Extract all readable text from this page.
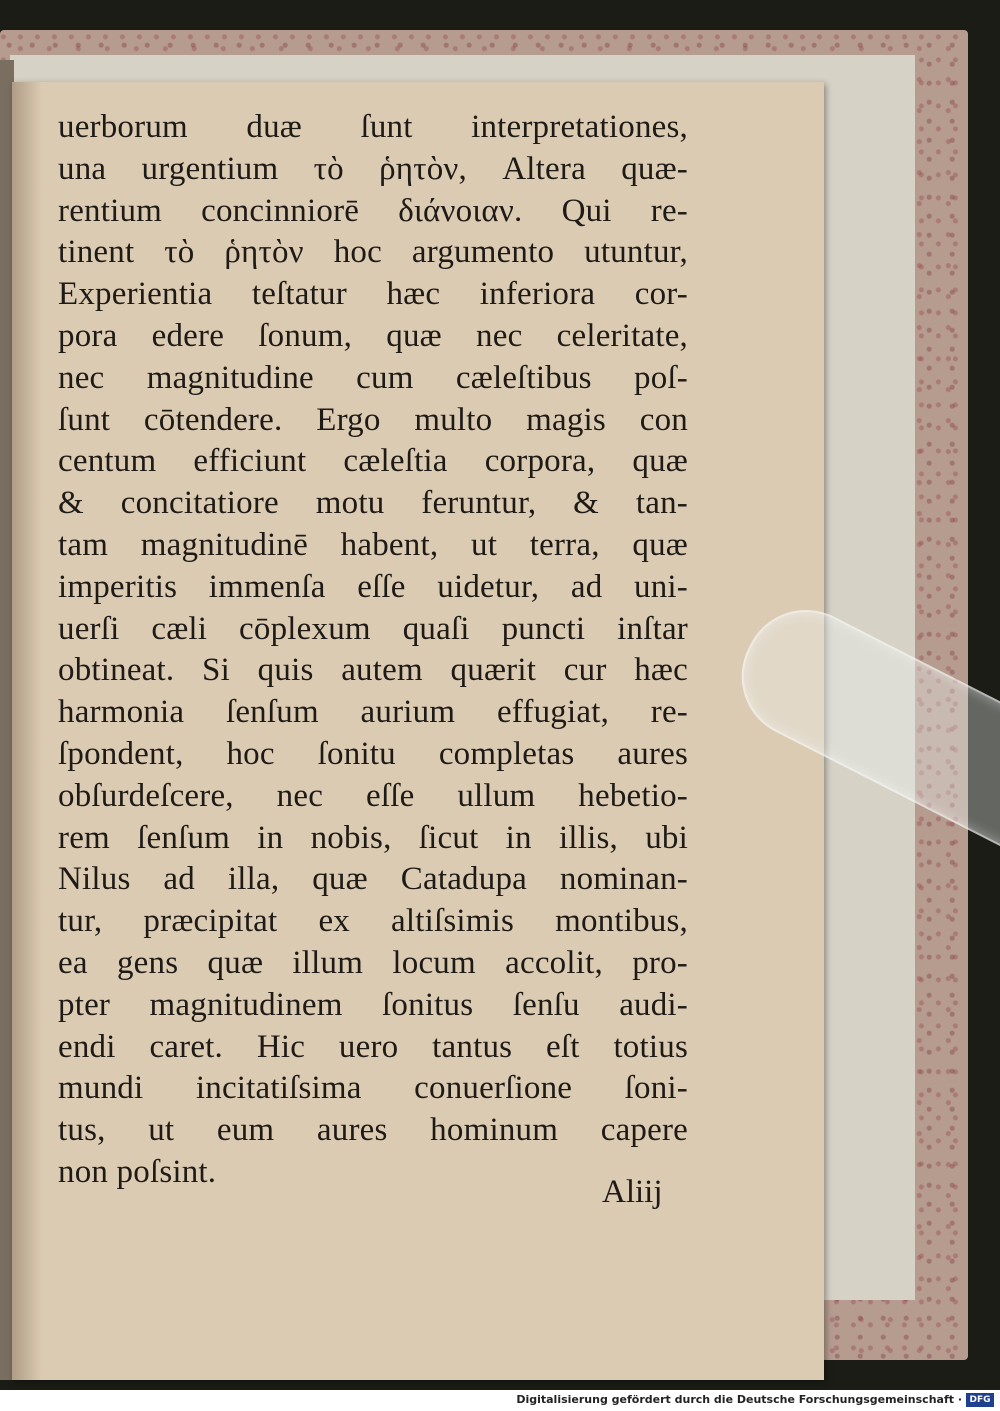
uerborum duæ ſunt interpretationes,
una urgentium τὸ ῥητὸν, Altera quæ-
rentium concinniorē διάνοιαν. Qui re-
tinent τὸ ῥητὸν hoc argumento utuntur,
Experientia teſtatur hæc inferiora cor-
pora edere ſonum, quæ nec celeritate,
nec magnitudine cum cæleſtibus poſ-
ſunt cōtendere. Ergo multo magis con
centum efficiunt cæleſtia corpora, quæ
& concitatiore motu feruntur, & tan-
tam magnitudinē habent, ut terra, quæ
imperitis immenſa eſſe uidetur, ad uni-
uerſi cæli cōplexum quaſi puncti inſtar
obtineat. Si quis autem quærit cur hæc
harmonia ſenſum aurium effugiat, re-
ſpondent, hoc ſonitu completas aures
obſurdeſcere, nec eſſe ullum hebetio-
rem ſenſum in nobis, ſicut in illis, ubi
Nilus ad illa, quæ Catadupa nominan-
tur, præcipitat ex altiſsimis montibus,
ea gens quæ illum locum accolit, pro-
pter magnitudinem ſonitus ſenſu audi-
endi caret. Hic uero tantus eſt totius
mundi incitatiſsima conuerſione ſoni-
tus, ut eum aures hominum capere
non poſsint.
Aliij
Digitalisierung gefördert durch die Deutsche Forschungsgemeinschaft · DFG
